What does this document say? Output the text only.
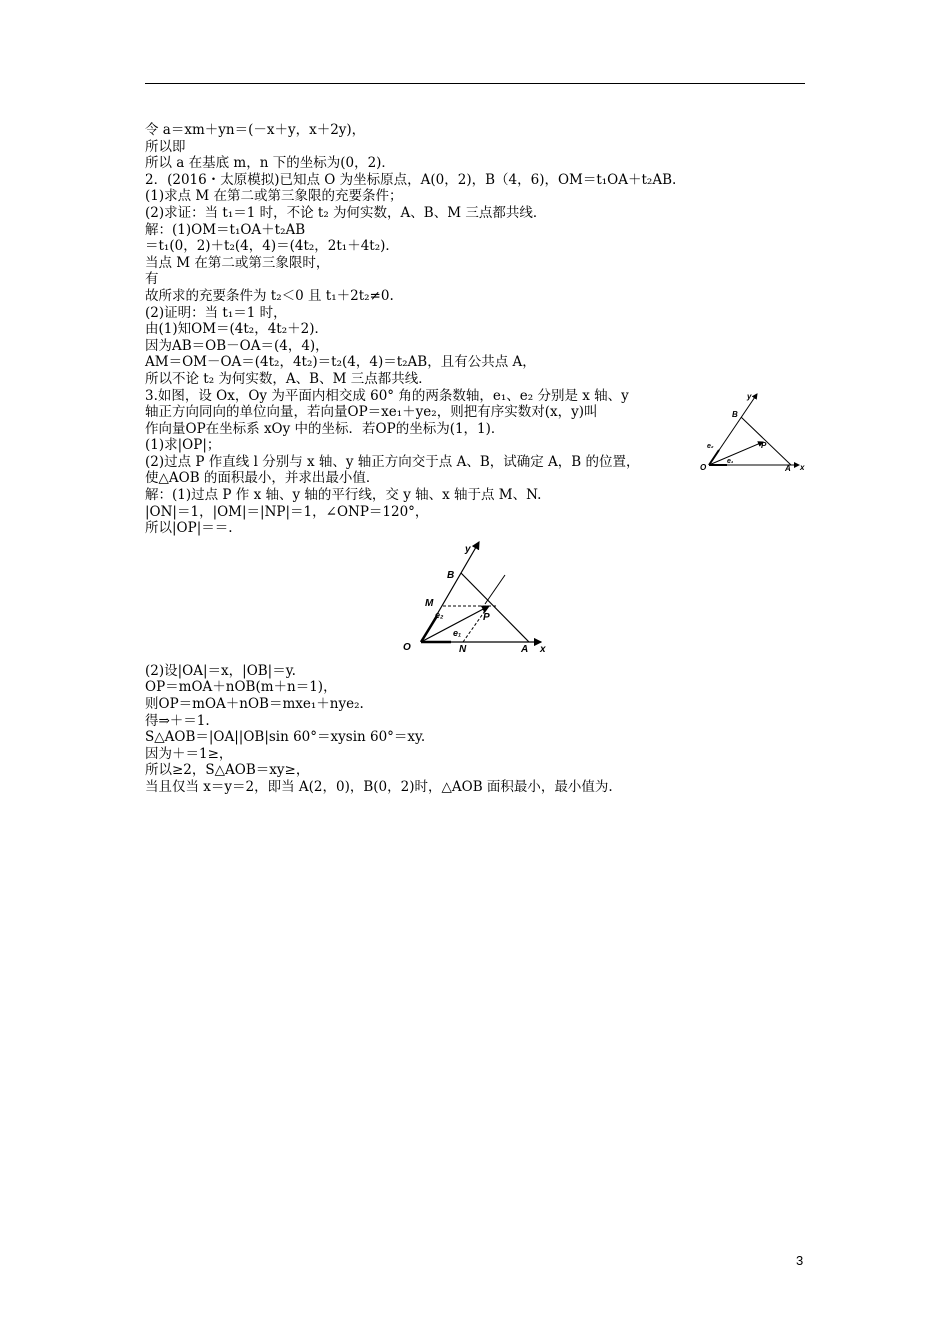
令 a＝xm＋yn＝(－x＋y，x＋2y)，
所以即
所以 a 在基底 m，n 下的坐标为(0，2)．
2．(2016・太原模拟)已知点 O 为坐标原点，A(0，2)，B（4，6)，OM＝t₁OA＋t₂AB.
(1)求点 M 在第二或第三象限的充要条件；
(2)求证：当 t₁＝1 时，不论 t₂ 为何实数，A、B、M 三点都共线．
解：(1)OM＝t₁OA＋t₂AB
＝t₁(0，2)＋t₂(4，4)＝(4t₂，2t₁＋4t₂)．
当点 M 在第二或第三象限时，
有
故所求的充要条件为 t₂＜0 且 t₁＋2t₂≠0.
(2)证明：当 t₁＝1 时，
由(1)知OM＝(4t₂，4t₂＋2)．
因为AB＝OB－OA＝(4，4)，
AM＝OM－OA＝(4t₂，4t₂)＝t₂(4，4)＝t₂AB，且有公共点 A，
所以不论 t₂ 为何实数，A、B、M 三点都共线．
3.如图，设 Ox，Oy 为平面内相交成 60° 角的两条数轴，e₁、e₂ 分别是 x 轴、y
轴正方向同向的单位向量，若向量OP＝xe₁＋ye₂，则把有序实数对(x，y)叫
作向量OP在坐标系 xOy 中的坐标．若OP的坐标为(1，1)．
(1)求|OP|；
(2)过点 P 作直线 l 分别与 x 轴、y 轴正方向交于点 A、B，试确定 A，B 的位置，
使△AOB 的面积最小，并求出最小值．
解：(1)过点 P 作 x 轴、y 轴的平行线，交 y 轴、x 轴于点 M、N.
|ON|＝1，|OM|＝|NP|＝1，∠ONP＝120°，
所以|OP|＝＝.
(2)设|OA|＝x，|OB|＝y.
OP＝mOA＋nOB(m＋n＝1)，
则OP＝mOA＋nOB＝mxe₁＋nye₂.
得⇒＋＝1.
S△AOB＝|OA||OB|sin 60°＝xysin 60°＝xy.
因为＋＝1≥，
所以≥2，S△AOB＝xy≥，
当且仅当 x＝y＝2，即当 A(2，0)，B(0，2)时，△AOB 面积最小，最小值为.
y
B
P
e₂
e₁
O	A x
y
B
M
e₂	P
e₁
O	N	A x
3
